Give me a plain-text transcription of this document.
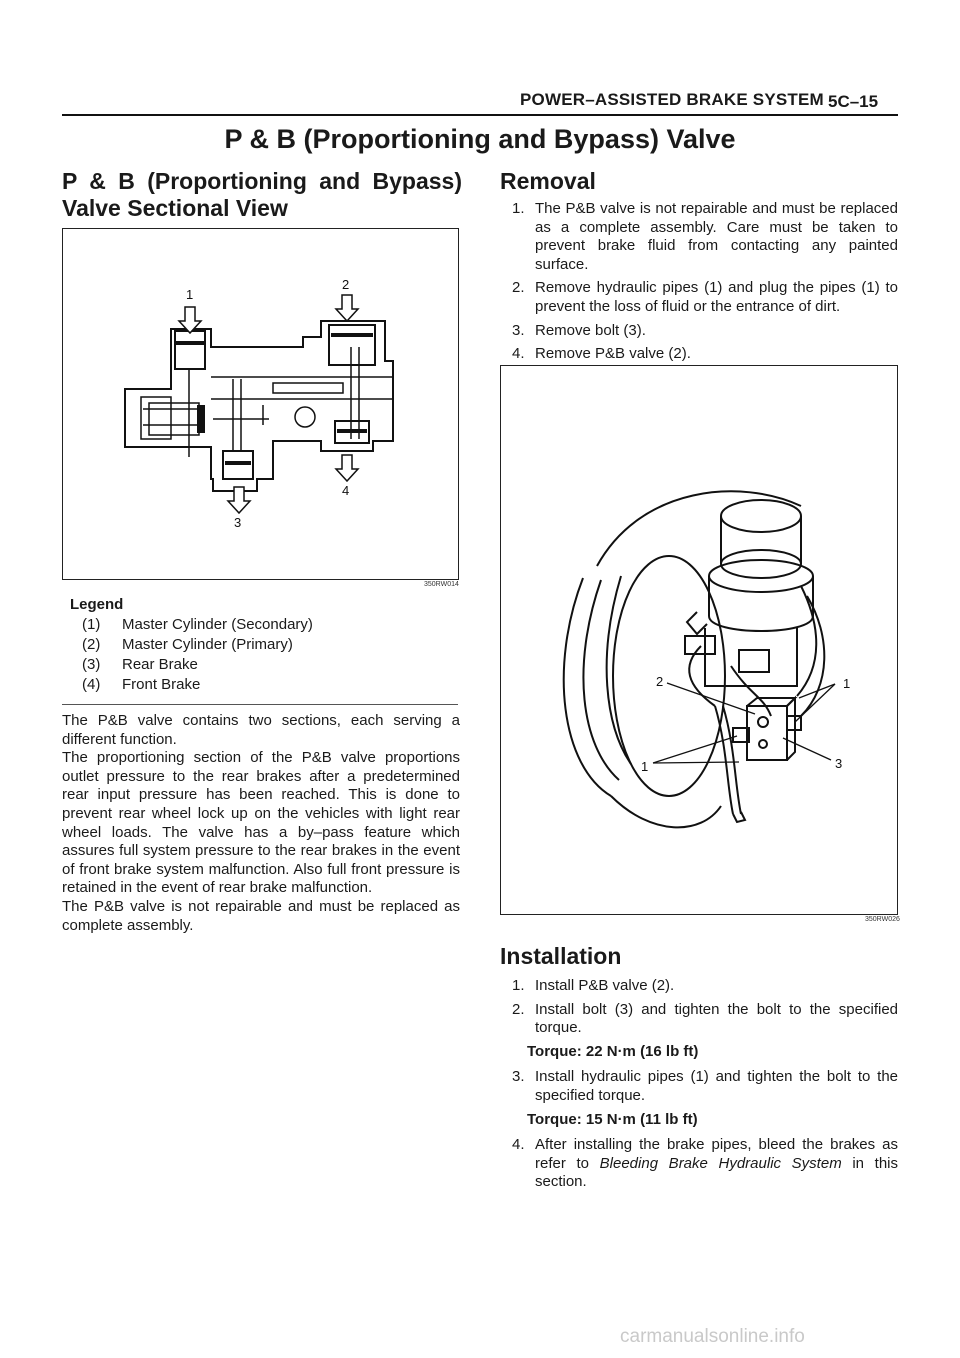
POWER–ASSISTED BRAKE SYSTEM 5C–15
P & B (Proportioning and Bypass) Valve
P & B (Proportioning and Bypass)
Valve Sectional View
1
2
3
4
350RW014
Legend
(1) Master Cylinder (Secondary)
(2) Master Cylinder (Primary)
(3) Rear Brake
(4) Front Brake

The P&B valve contains two sections, each serving a different function.

The proportioning section of the P&B valve proportions outlet pressure to the rear brakes after a predetermined rear input pressure has been reached. This is done to prevent rear wheel lock up on the vehicles with light rear wheel loads. The valve has a by–pass feature which assures full system pressure to the rear brakes in the event of front brake system malfunction. Also full front pressure is retained in the event of rear brake malfunction.

The P&B valve is not repairable and must be replaced as complete assembly.

Removal
1. The P&B valve is not repairable and must be replaced as a complete assembly. Care must be taken to prevent brake fluid from contacting any painted surface.
2. Remove hydraulic pipes (1) and plug the pipes (1) to prevent the loss of fluid or the entrance of dirt.
3. Remove bolt (3).
4. Remove P&B valve (2).
2	1
1	3
350RW026
Installation
1. Install P&B valve (2).
2. Install bolt (3) and tighten the bolt to the specified torque.
Torque: 22 N·m (16 lb ft)
3. Install hydraulic pipes (1) and tighten the bolt to the specified torque.
Torque: 15 N·m (11 lb ft)
4. After installing the brake pipes, bleed the brakes as refer to Bleeding Brake Hydraulic System in this section.
carmanualsonline.info
